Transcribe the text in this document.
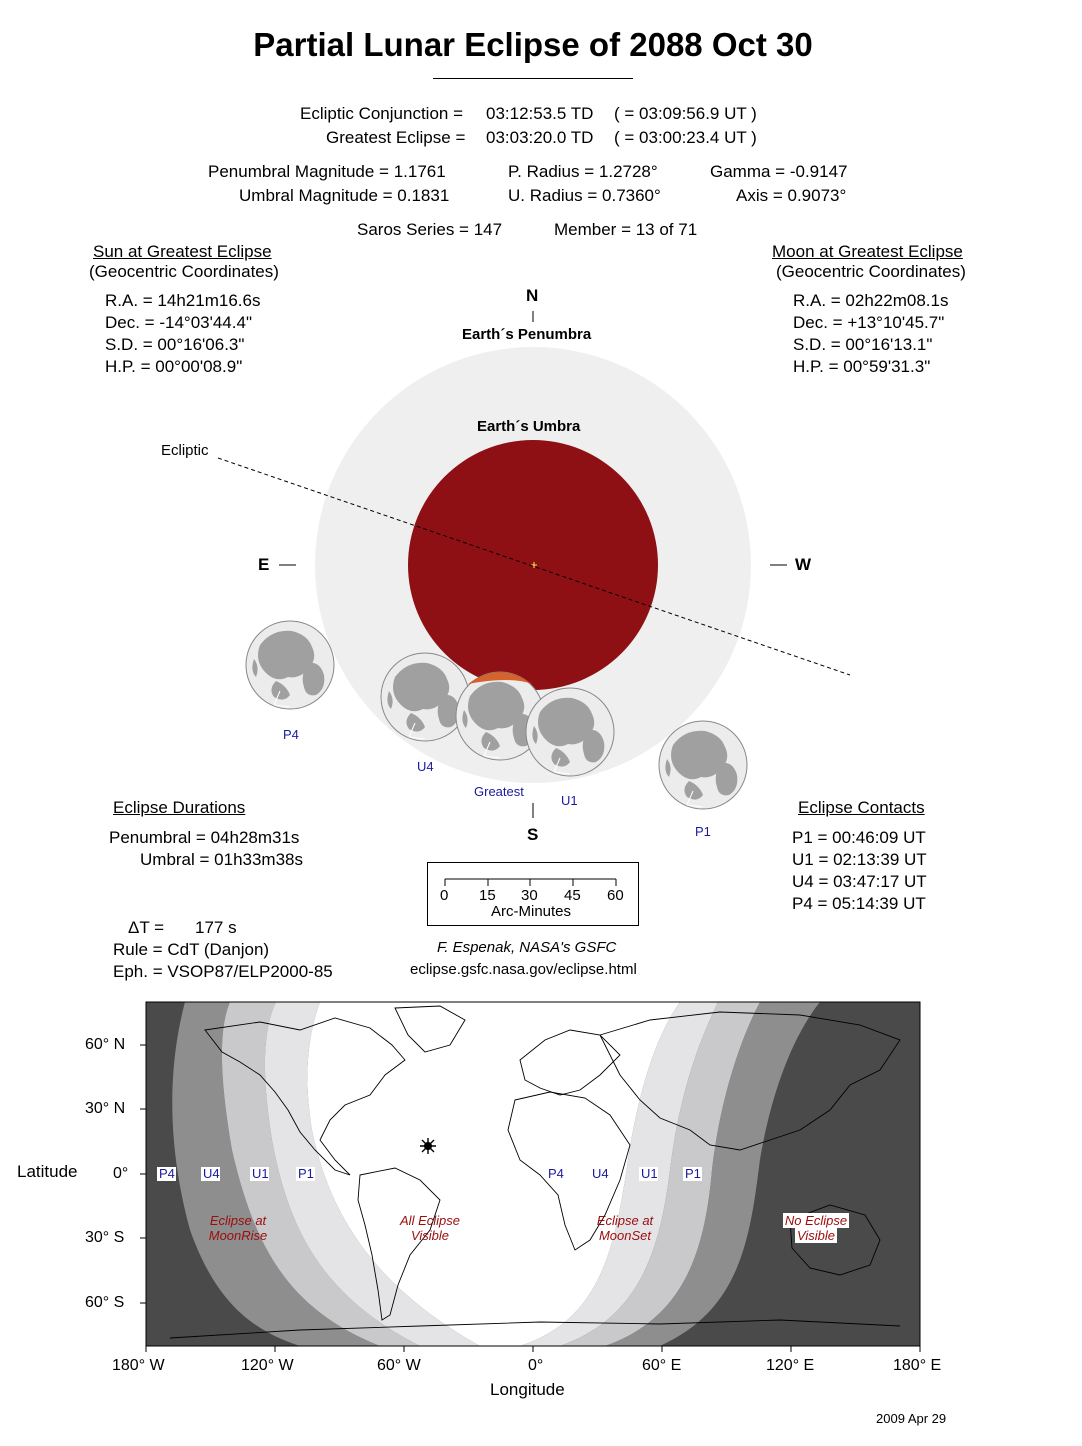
Partial Lunar Eclipse of 2088 Oct 30
Ecliptic Conjunction = 03:12:53.5 TD ( = 03:09:56.9 UT )
Greatest Eclipse = 03:03:20.0 TD ( = 03:00:23.4 UT )
Penumbral Magnitude = 1.1761
Umbral Magnitude = 0.1831
P. Radius = 1.2728°
U. Radius = 0.7360°
Gamma = -0.9147
Axis = 0.9073°
Saros Series = 147	Member = 13 of 71
Sun at Greatest Eclipse
(Geocentric Coordinates)
R.A. = 14h21m16.6s
Dec. = -14°03'44.4"
S.D. = 00°16'06.3"
H.P. = 00°00'08.9"
Moon at Greatest Eclipse
(Geocentric Coordinates)
R.A. = 02h22m08.1s
Dec. = +13°10'45.7"
S.D. = 00°16'13.1"
H.P. = 00°59'31.3"
N
Earth´s Penumbra
Earth´s Umbra
Ecliptic
E	W
S
P4
U4
Greatest
U1
P1
Eclipse Durations
Penumbral = 04h28m31s
Umbral = 01h33m38s
Eclipse Contacts
P1 = 00:46:09 UT
U1 = 02:13:39 UT
U4 = 03:47:17 UT
P4 = 05:14:39 UT
0 15 30 45 60
Arc-Minutes
ΔT = 177 s
Rule = CdT (Danjon)
Eph. = VSOP87/ELP2000-85
F. Espenak, NASA's GSFC
eclipse.gsfc.nasa.gov/eclipse.html
2009 Apr 29
60° N
30° N
0°
30° S
60° S
Latitude
180° W	120° W	60° W	0°	60° E	120° E	180° E
Longitude
P4 U4 U1 P1	P4 U4 U1 P1
Eclipse at
MoonRise
All Eclipse
Visible
Eclipse at
MoonSet
No Eclipse
Visible
